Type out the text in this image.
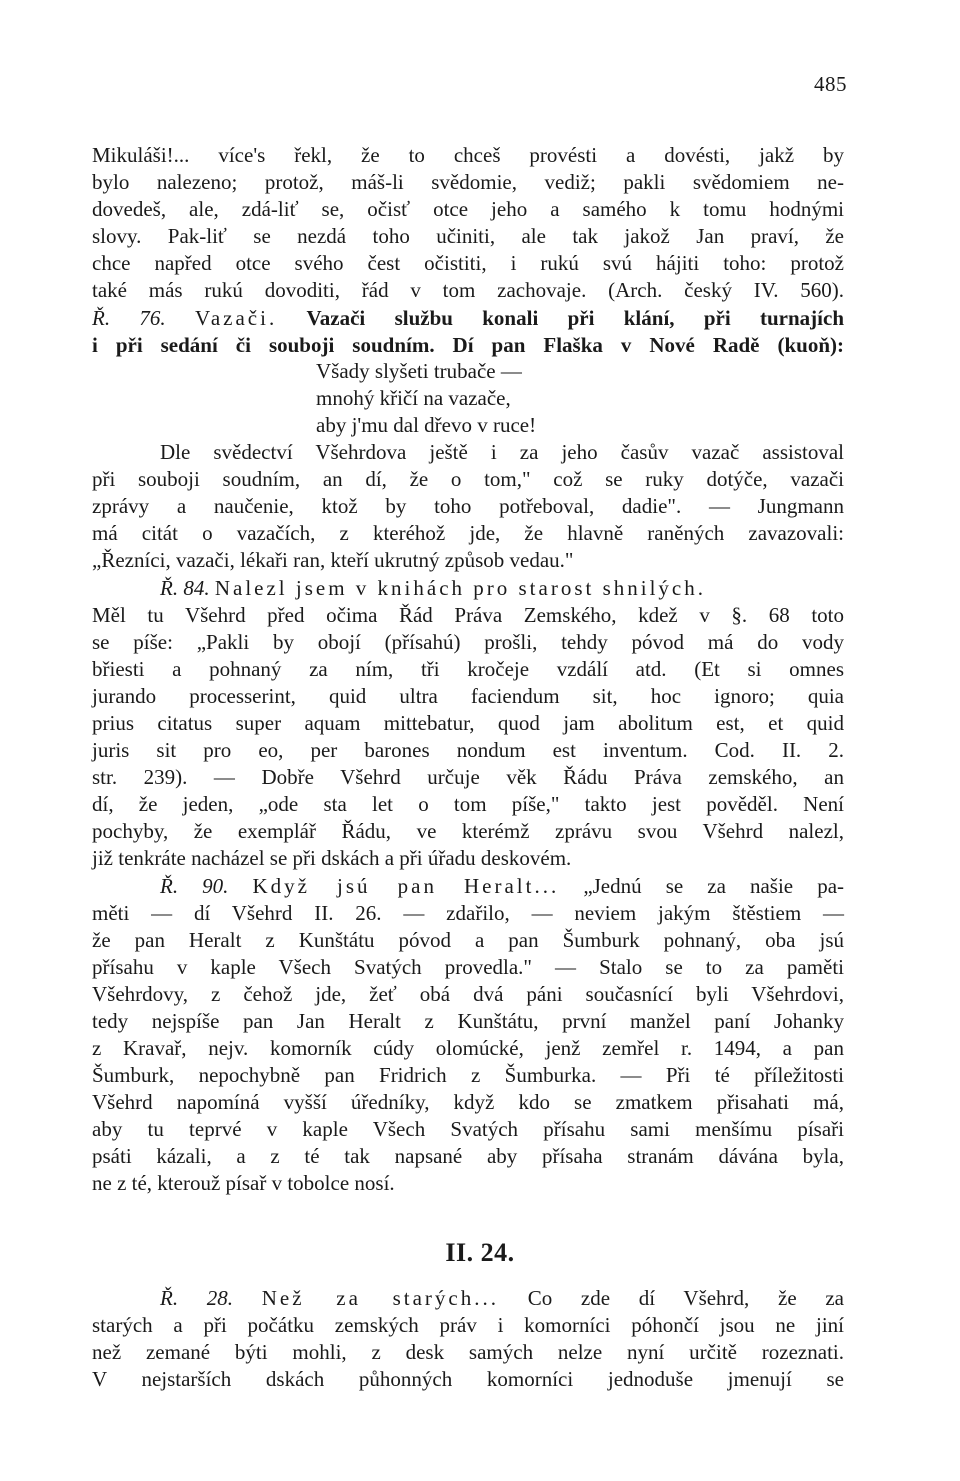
485
Mikuláši!... více's řekl, že to chceš provésti a dovésti, jakž by
bylo nalezeno; protož, máš-li svědomie, vediž; pakli svědomiem ne-
dovedeš, ale, zdá-liť se, očisť otce jeho a samého k tomu hodnými
slovy. Pak-liť se nezdá toho učiniti, ale tak jakož Jan praví, že
chce napřed otce svého čest očistiti, i rukú svú hájiti toho: protož
také más rukú dovoditi, řád v tom zachovaje. (Arch. český IV. 560).
Ř. 76. Vazači. Vazači službu konali při klání, při turnajích
i při sedání či souboji soudním. Dí pan Flaška v Nové Radě (kuoň):
Všady slyšeti trubače —
mnohý křičí na vazače,
aby j'mu dal dřevo v ruce!
Dle svědectví Všehrdova ještě i za jeho časův vazač assistoval
při souboji soudním, an dí, že o tom," což se ruky dotýče, vazači
zprávy a naučenie, ktož by toho potřeboval, dadie". — Jungmann
má citát o vazačích, z kteréhož jde, že hlavně raněných zavazovali:
„Řezníci, vazači, lékaři ran, kteří ukrutný způsob vedau."
Ř. 84. Nalezl jsem v knihách pro starost shnilých.
Měl tu Všehrd před očima Řád Práva Zemského, kdež v §. 68 toto
se píše: „Pakli by obojí (přísahú) prošli, tehdy póvod má do vody
břiesti a pohnaný za ním, tři kročeje vzdálí atd. (Et si omnes
jurando processerint, quid ultra faciendum sit, hoc ignoro; quia
prius citatus super aquam mittebatur, quod jam abolitum est, et quid
juris sit pro eo, per barones nondum est inventum. Cod. II. 2.
str. 239). — Dobře Všehrd určuje věk Řádu Práva zemského, an
dí, že jeden, „ode sta let o tom píše," takto jest pověděl. Není
pochyby, že exemplář Řádu, ve kterémž zprávu svou Všehrd nalezl,
již tenkráte nacházel se při dskách a při úřadu deskovém.
Ř. 90. Když jsú pan Heralt... „Jednú se za našie pa-
měti — dí Všehrd II. 26. — zdařilo, — neviem jakým štěstiem —
že pan Heralt z Kunštátu póvod a pan Šumburk pohnaný, oba jsú
přísahu v kaple Všech Svatých provedla." — Stalo se to za paměti
Všehrdovy, z čehož jde, žeť obá dvá páni současnící byli Všehrdovi,
tedy nejspíše pan Jan Heralt z Kunštátu, první manžel paní Johanky
z Kravař, nejv. komorník cúdy olomúcké, jenž zemřel r. 1494, a pan
Šumburk, nepochybně pan Fridrich z Šumburka. — Při té příležitosti
Všehrd napomíná vyšší úředníky, když kdo se zmatkem přisahati má,
aby tu teprvé v kaple Všech Svatých přísahu sami menšímu písaři
psáti kázali, a z té tak napsané aby přísaha stranám dávána byla,
ne z té, kterouž písař v tobolce nosí.
II. 24.
Ř. 28. Než za starých... Co zde dí Všehrd, že za
starých a při počátku zemských práv i komorníci póhončí jsou ne jiní
než zemané býti mohli, z desk samých nelze nyní určitě rozeznati.
V nejstarších dskách půhonných komorníci jednoduše jmenují se
